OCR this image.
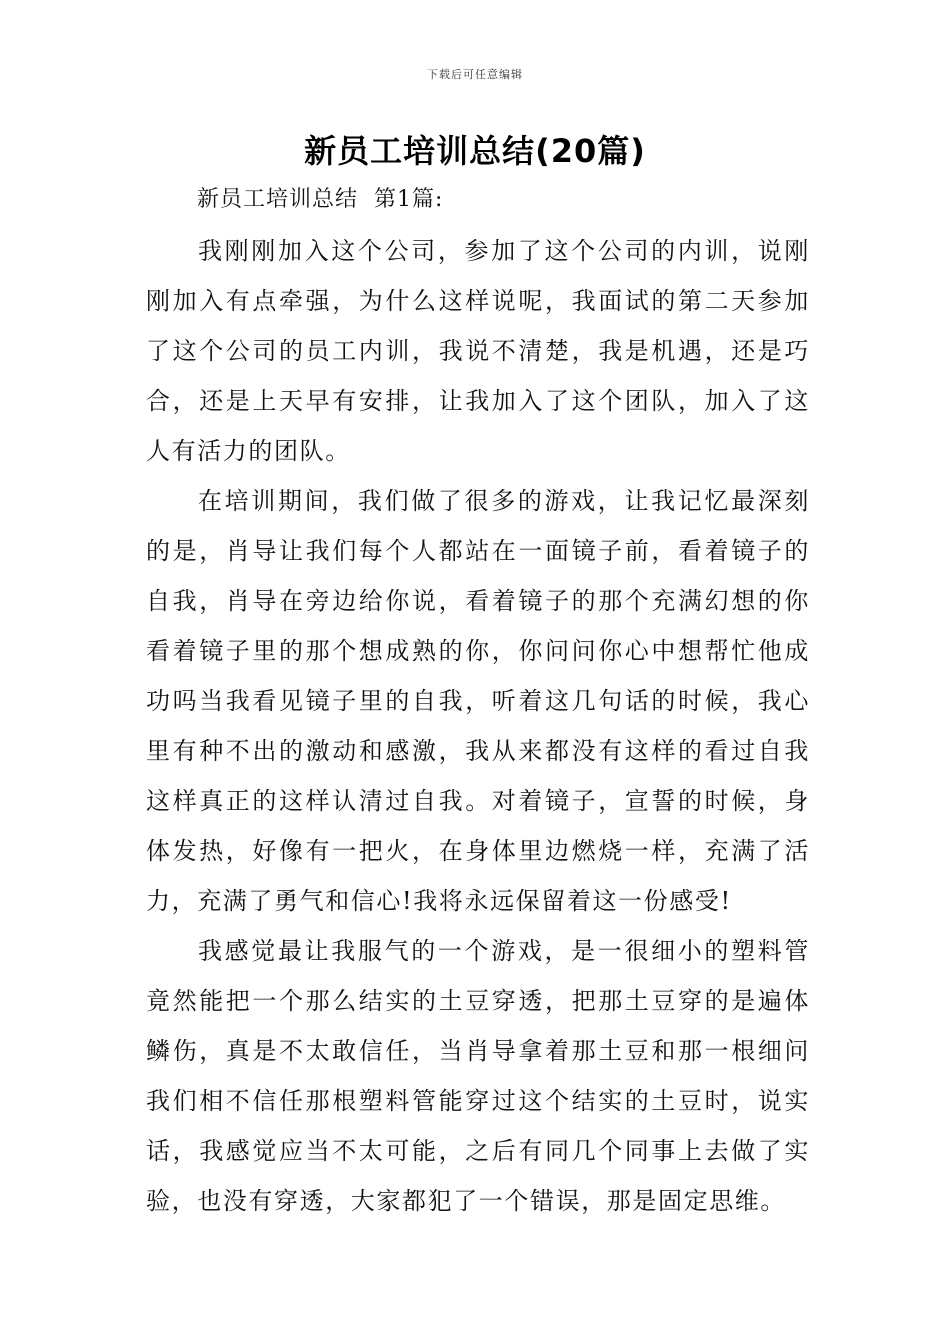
下载后可任意编辑
新员工培训总结(20篇)
新员工培训总结  第1篇:

我刚刚加入这个公司，参加了这个公司的内训，说刚刚加入有点牵强，为什么这样说呢，我面试的第二天参加了这个公司的员工内训，我说不清楚，我是机遇，还是巧合，还是上天早有安排，让我加入了这个团队，加入了这人有活力的团队。

在培训期间，我们做了很多的游戏，让我记忆最深刻的是，肖导让我们每个人都站在一面镜子前，看着镜子的自我，肖导在旁边给你说，看着镜子的那个充满幻想的你看着镜子里的那个想成熟的你，你问问你心中想帮忙他成功吗当我看见镜子里的自我，听着这几句话的时候，我心里有种不出的激动和感激，我从来都没有这样的看过自我这样真正的这样认清过自我。对着镜子，宣誓的时候，身体发热，好像有一把火，在身体里边燃烧一样，充满了活力，充满了勇气和信心!我将永远保留着这一份感受!

我感觉最让我服气的一个游戏，是一很细小的塑料管竟然能把一个那么结实的土豆穿透，把那土豆穿的是遍体鳞伤，真是不太敢信任，当肖导拿着那土豆和那一根细问我们相不信任那根塑料管能穿过这个结实的土豆时，说实话，我感觉应当不太可能，之后有同几个同事上去做了实验，也没有穿透，大家都犯了一个错误，那是固定思维。
